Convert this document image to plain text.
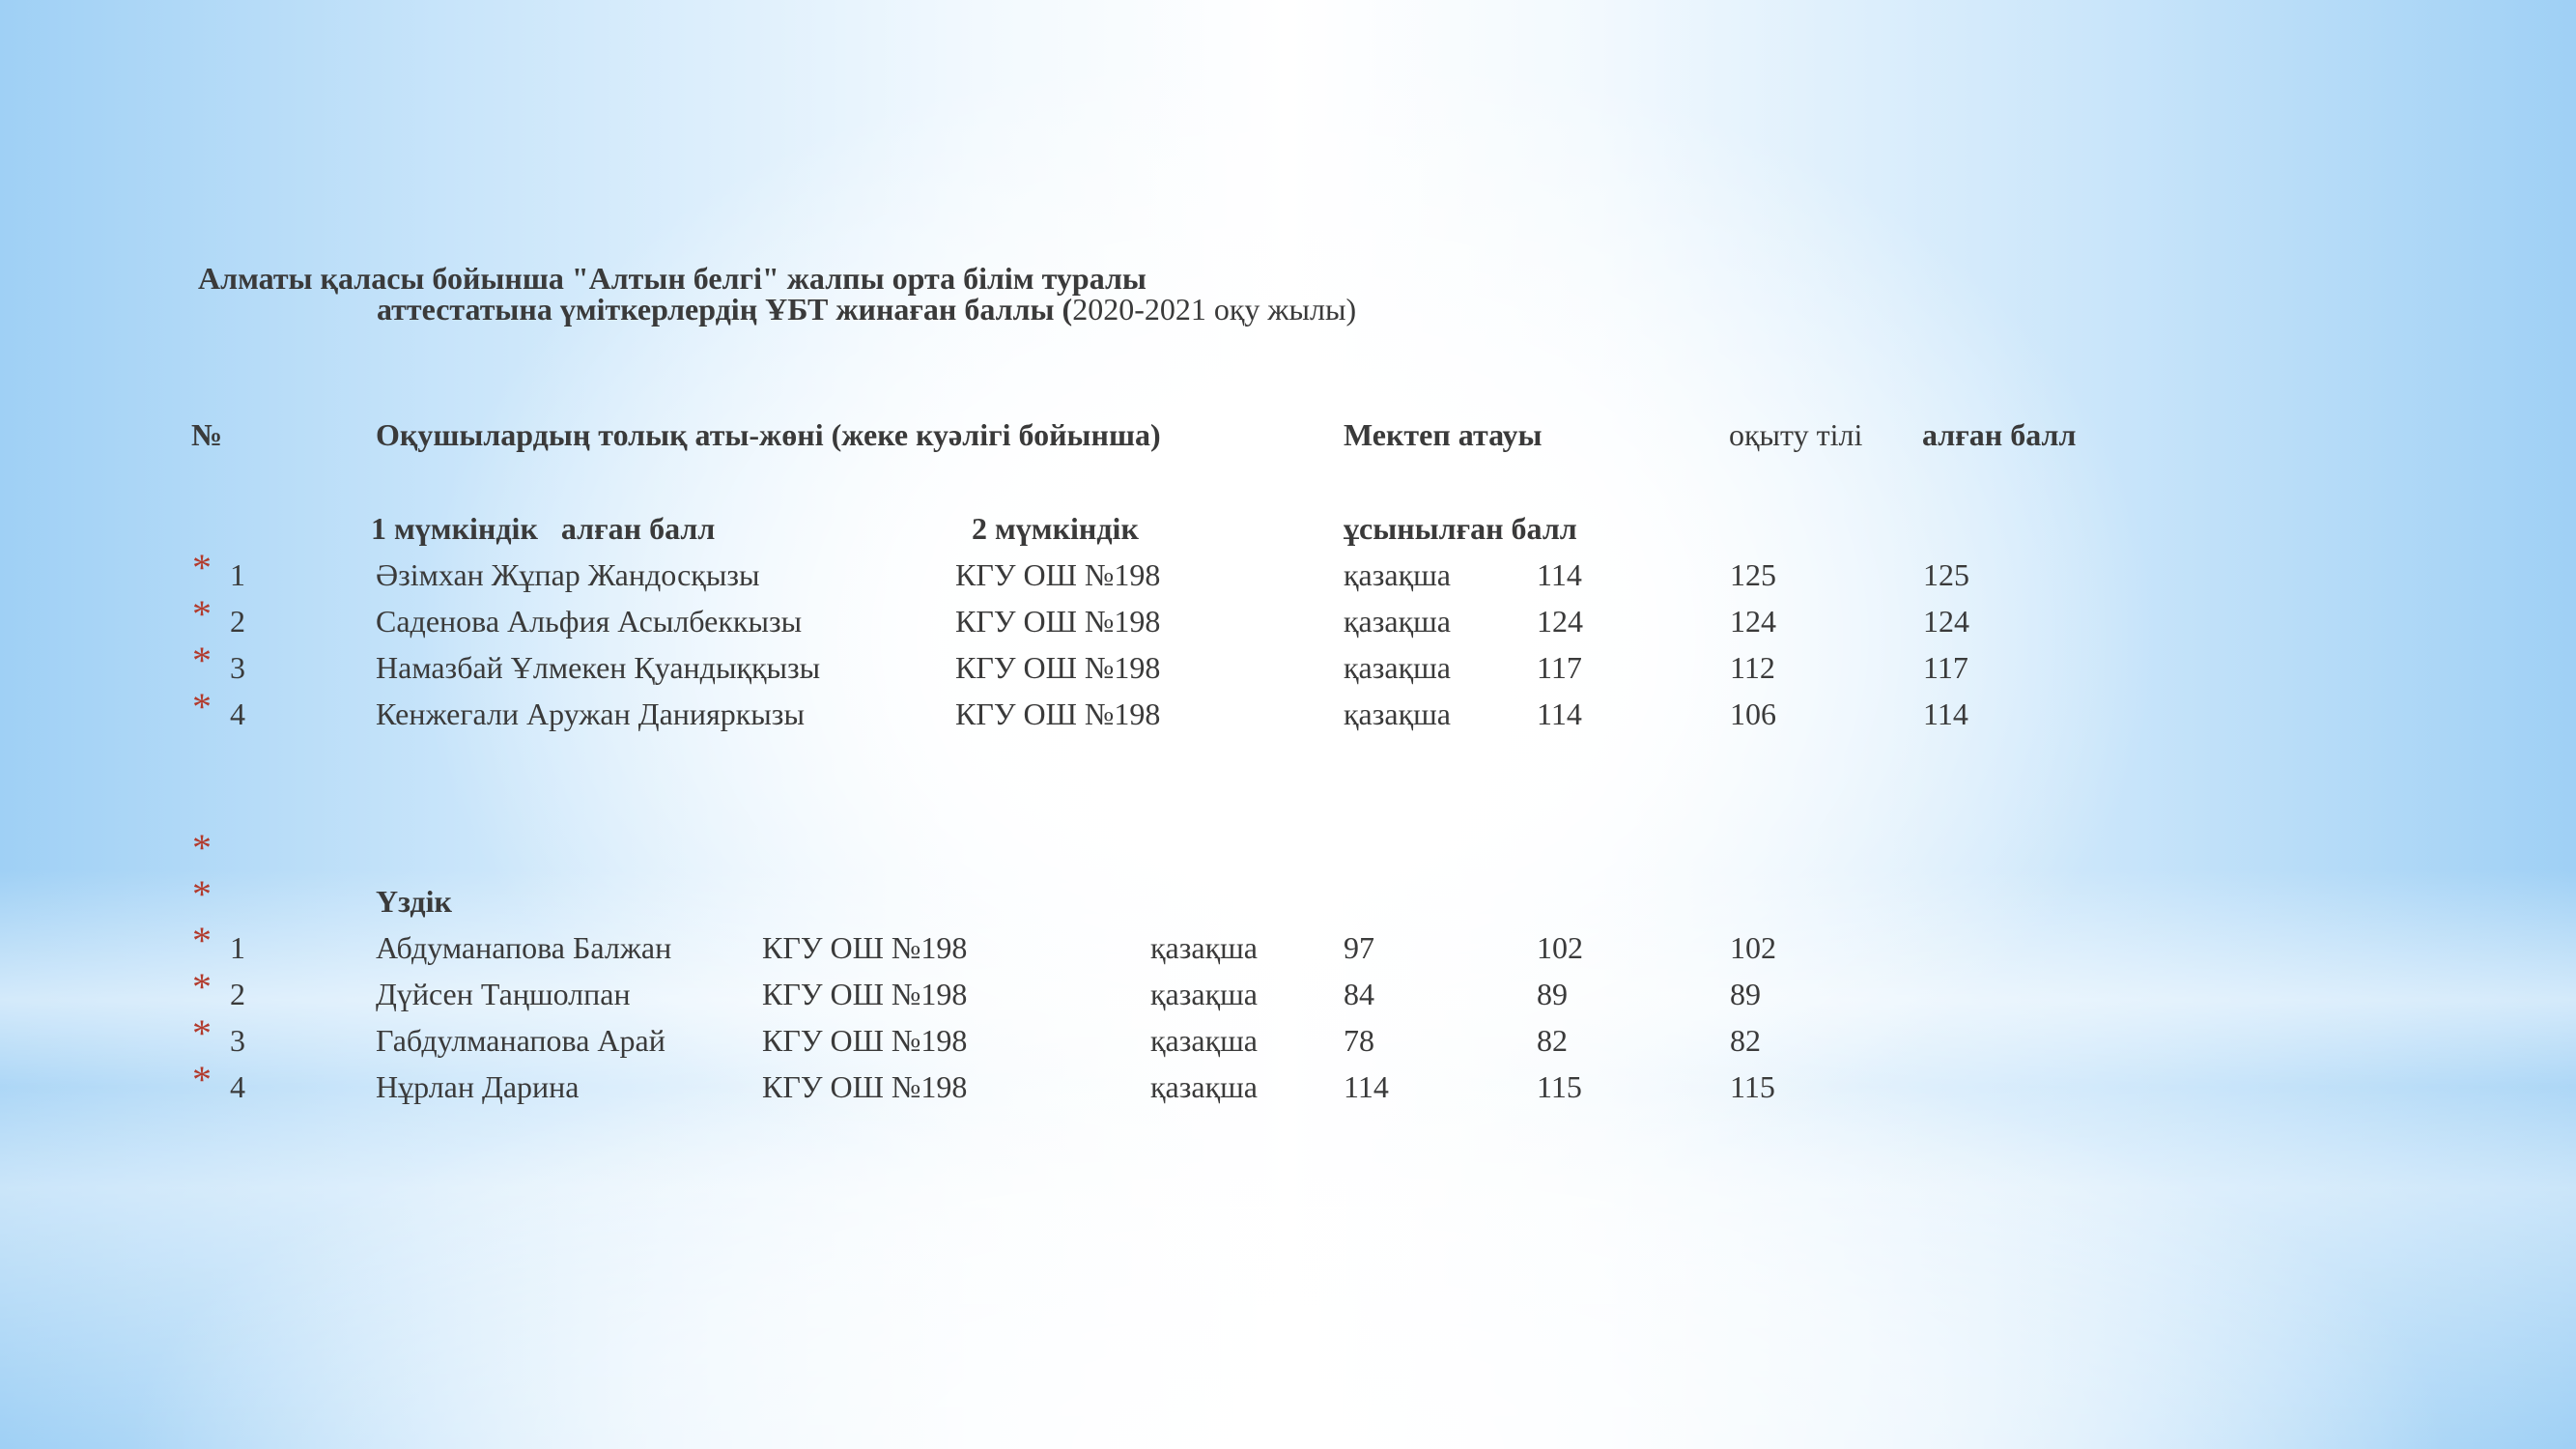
Алматы қаласы бойынша "Алтын белгі" жалпы орта білім туралы
аттестатына үміткерлердің ҰБТ жинаған баллы (2020-2021 оқу жылы)
№	Оқушылардың толық аты-жөні (жеке куәлігі бойынша)	Мектеп атауы	оқыту тілі алған балл
1 мүмкіндік   алған балл	2 мүмкіндік	ұсынылған балл
* 1	Әзімхан Жұпар Жандосқызы	КГУ ОШ №198	қазақша	114	125	125
* 2	Саденова Альфия Асылбеккызы	КГУ ОШ №198	қазақша	124	124	124
* 3	Намазбай Ұлмекен Қуандыққызы	КГУ ОШ №198	қазақша	117	112	117
* 4	Кенжегали Аружан Данияркызы	КГУ ОШ №198	қазақша	114	106	114
*
*	Үздік
* 1	Абдуманапова Балжан	КГУ ОШ №198	қазақша	97	102	102
* 2	Дүйсен Таңшолпан	КГУ ОШ №198	қазақша	84	89	89
* 3	Габдулманапова Арай	КГУ ОШ №198	қазақша	78	82	82
* 4	Нұрлан Дарина	КГУ ОШ №198	қазақша	114	115	115
